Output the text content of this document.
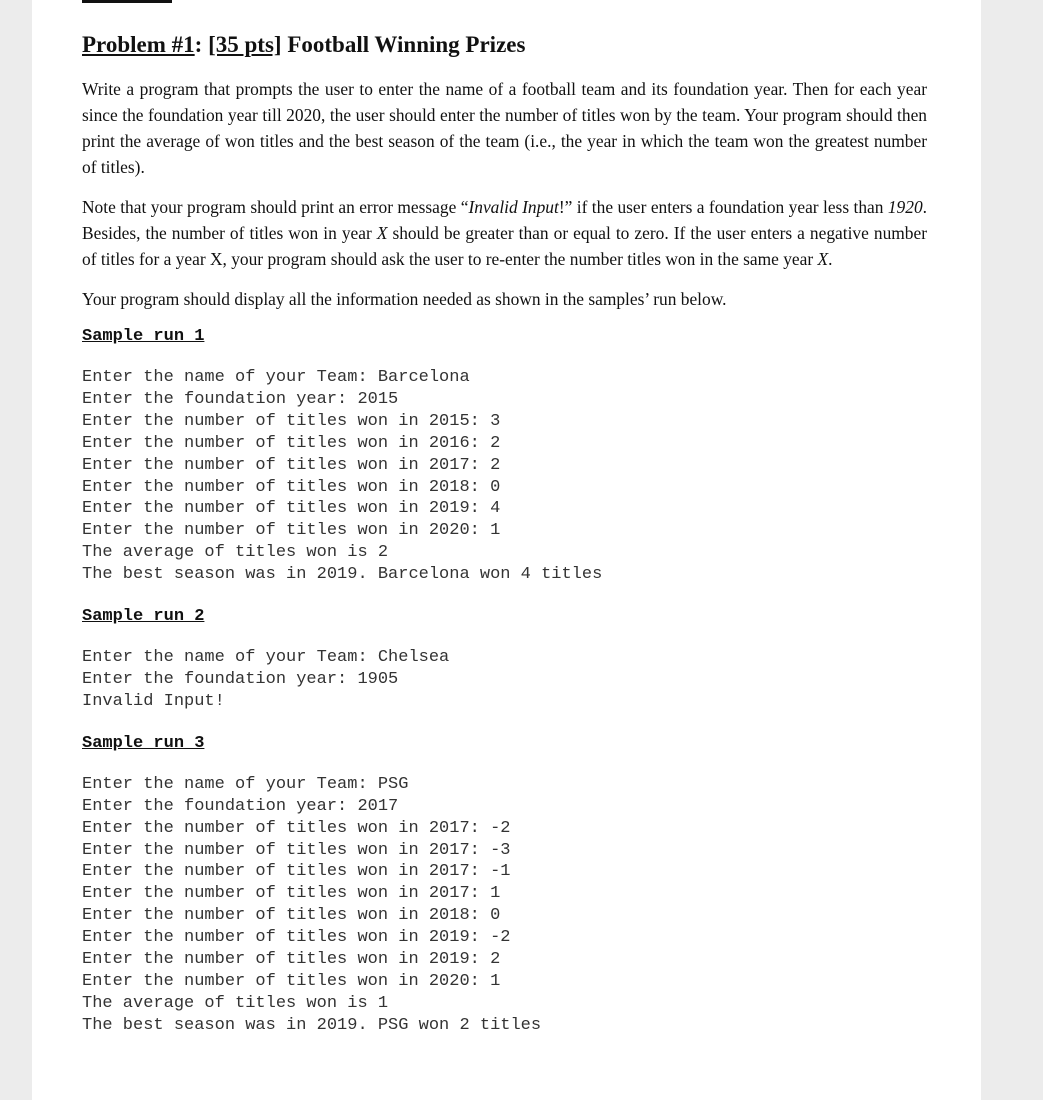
Problem #1: [35 pts] Football Winning Prizes

Write a program that prompts the user to enter the name of a football team and its foundation year. Then for each year since the foundation year till 2020, the user should enter the number of titles won by the team. Your program should then print the average of won titles and the best season of the team (i.e., the year in which the team won the greatest number of titles).

Note that your program should print an error message “Invalid Input!” if the user enters a foundation year less than 1920. Besides, the number of titles won in year X should be greater than or equal to zero. If the user enters a negative number of titles for a year X, your program should ask the user to re-enter the number titles won in the same year X.

Your program should display all the information needed as shown in the samples’ run below.

Sample run 1
Enter the name of your Team: Barcelona
Enter the foundation year: 2015
Enter the number of titles won in 2015: 3
Enter the number of titles won in 2016: 2
Enter the number of titles won in 2017: 2
Enter the number of titles won in 2018: 0
Enter the number of titles won in 2019: 4
Enter the number of titles won in 2020: 1
The average of titles won is 2
The best season was in 2019. Barcelona won 4 titles
Sample run 2
Enter the name of your Team: Chelsea
Enter the foundation year: 1905
Invalid Input!
Sample run 3
Enter the name of your Team: PSG
Enter the foundation year: 2017
Enter the number of titles won in 2017: -2
Enter the number of titles won in 2017: -3
Enter the number of titles won in 2017: -1
Enter the number of titles won in 2017: 1
Enter the number of titles won in 2018: 0
Enter the number of titles won in 2019: -2
Enter the number of titles won in 2019: 2
Enter the number of titles won in 2020: 1
The average of titles won is 1
The best season was in 2019. PSG won 2 titles
